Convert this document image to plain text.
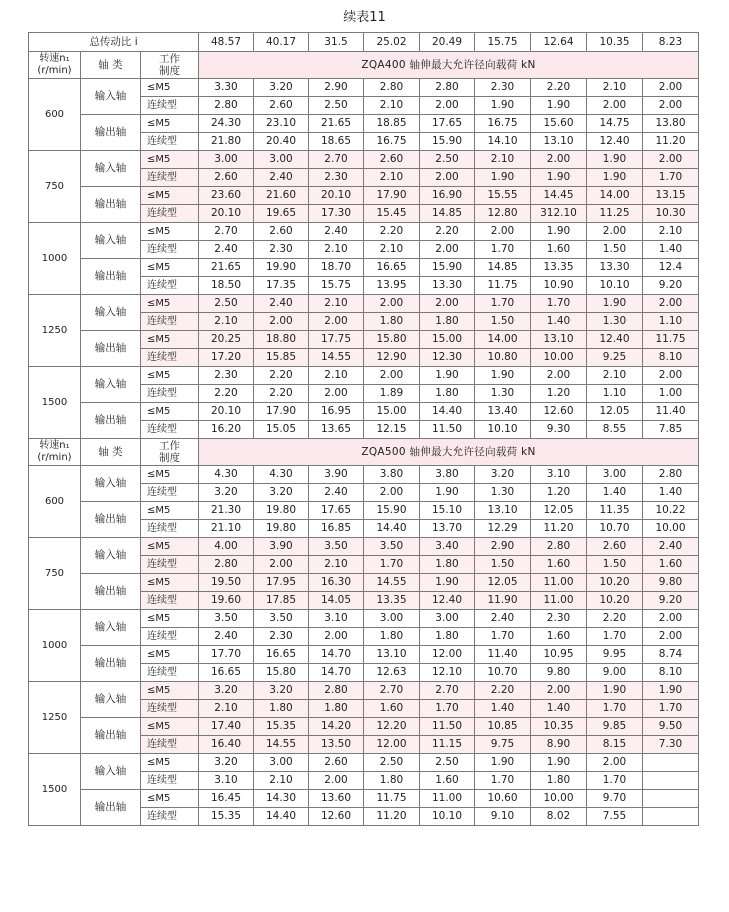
续表11
总传动比 i			48.57	40.17	31.5	25.02	20.49	15.75	12.64	10.35	8.23
转速n₁
(r/min)	轴 类	工作
制度	ZQA400 轴伸最大允许径向载荷 kN								
600	输入轴	≤M5	3.30	3.20	2.90	2.80	2.80	2.30	2.20	2.10	2.00
		连续型	2.80	2.60	2.50	2.10	2.00	1.90	1.90	2.00	2.00
	输出轴	≤M5	24.30	23.10	21.65	18.85	17.65	16.75	15.60	14.75	13.80
		连续型	21.80	20.40	18.65	16.75	15.90	14.10	13.10	12.40	11.20
750	输入轴	≤M5	3.00	3.00	2.70	2.60	2.50	2.10	2.00	1.90	2.00
		连续型	2.60	2.40	2.30	2.10	2.00	1.90	1.90	1.90	1.70
	输出轴	≤M5	23.60	21.60	20.10	17.90	16.90	15.55	14.45	14.00	13.15
		连续型	20.10	19.65	17.30	15.45	14.85	12.80	312.10	11.25	10.30
1000	输入轴	≤M5	2.70	2.60	2.40	2.20	2.20	2.00	1.90	2.00	2.10
		连续型	2.40	2.30	2.10	2.10	2.00	1.70	1.60	1.50	1.40
	输出轴	≤M5	21.65	19.90	18.70	16.65	15.90	14.85	13.35	13.30	12.4
		连续型	18.50	17.35	15.75	13.95	13.30	11.75	10.90	10.10	9.20
1250	输入轴	≤M5	2.50	2.40	2.10	2.00	2.00	1.70	1.70	1.90	2.00
		连续型	2.10	2.00	2.00	1.80	1.80	1.50	1.40	1.30	1.10
	输出轴	≤M5	20.25	18.80	17.75	15.80	15.00	14.00	13.10	12.40	11.75
		连续型	17.20	15.85	14.55	12.90	12.30	10.80	10.00	9.25	8.10
1500	输入轴	≤M5	2.30	2.20	2.10	2.00	1.90	1.90	2.00	2.10	2.00
		连续型	2.20	2.20	2.00	1.89	1.80	1.30	1.20	1.10	1.00
	输出轴	≤M5	20.10	17.90	16.95	15.00	14.40	13.40	12.60	12.05	11.40
		连续型	16.20	15.05	13.65	12.15	11.50	10.10	9.30	8.55	7.85
转速n₁
(r/min)	轴 类	工作
制度	ZQA500 轴伸最大允许径向载荷 kN								
600	输入轴	≤M5	4.30	4.30	3.90	3.80	3.80	3.20	3.10	3.00	2.80
		连续型	3.20	3.20	2.40	2.00	1.90	1.30	1.20	1.40	1.40
	输出轴	≤M5	21.30	19.80	17.65	15.90	15.10	13.10	12.05	11.35	10.22
		连续型	21.10	19.80	16.85	14.40	13.70	12.29	11.20	10.70	10.00
750	输入轴	≤M5	4.00	3.90	3.50	3.50	3.40	2.90	2.80	2.60	2.40
		连续型	2.80	2.00	2.10	1.70	1.80	1.50	1.60	1.50	1.60
	输出轴	≤M5	19.50	17.95	16.30	14.55	1.90	12.05	11.00	10.20	9.80
		连续型	19.60	17.85	14.05	13.35	12.40	11.90	11.00	10.20	9.20
1000	输入轴	≤M5	3.50	3.50	3.10	3.00	3.00	2.40	2.30	2.20	2.00
		连续型	2.40	2.30	2.00	1.80	1.80	1.70	1.60	1.70	2.00
	输出轴	≤M5	17.70	16.65	14.70	13.10	12.00	11.40	10.95	9.95	8.74
		连续型	16.65	15.80	14.70	12.63	12.10	10.70	9.80	9.00	8.10
1250	输入轴	≤M5	3.20	3.20	2.80	2.70	2.70	2.20	2.00	1.90	1.90
		连续型	2.10	1.80	1.80	1.60	1.70	1.40	1.40	1.70	1.70
	输出轴	≤M5	17.40	15.35	14.20	12.20	11.50	10.85	10.35	9.85	9.50
		连续型	16.40	14.55	13.50	12.00	11.15	9.75	8.90	8.15	7.30
1500	输入轴	≤M5	3.20	3.00	2.60	2.50	2.50	1.90	1.90	2.00	
		连续型	3.10	2.10	2.00	1.80	1.60	1.70	1.80	1.70	
	输出轴	≤M5	16.45	14.30	13.60	11.75	11.00	10.60	10.00	9.70	
		连续型	15.35	14.40	12.60	11.20	10.10	9.10	8.02	7.55	
